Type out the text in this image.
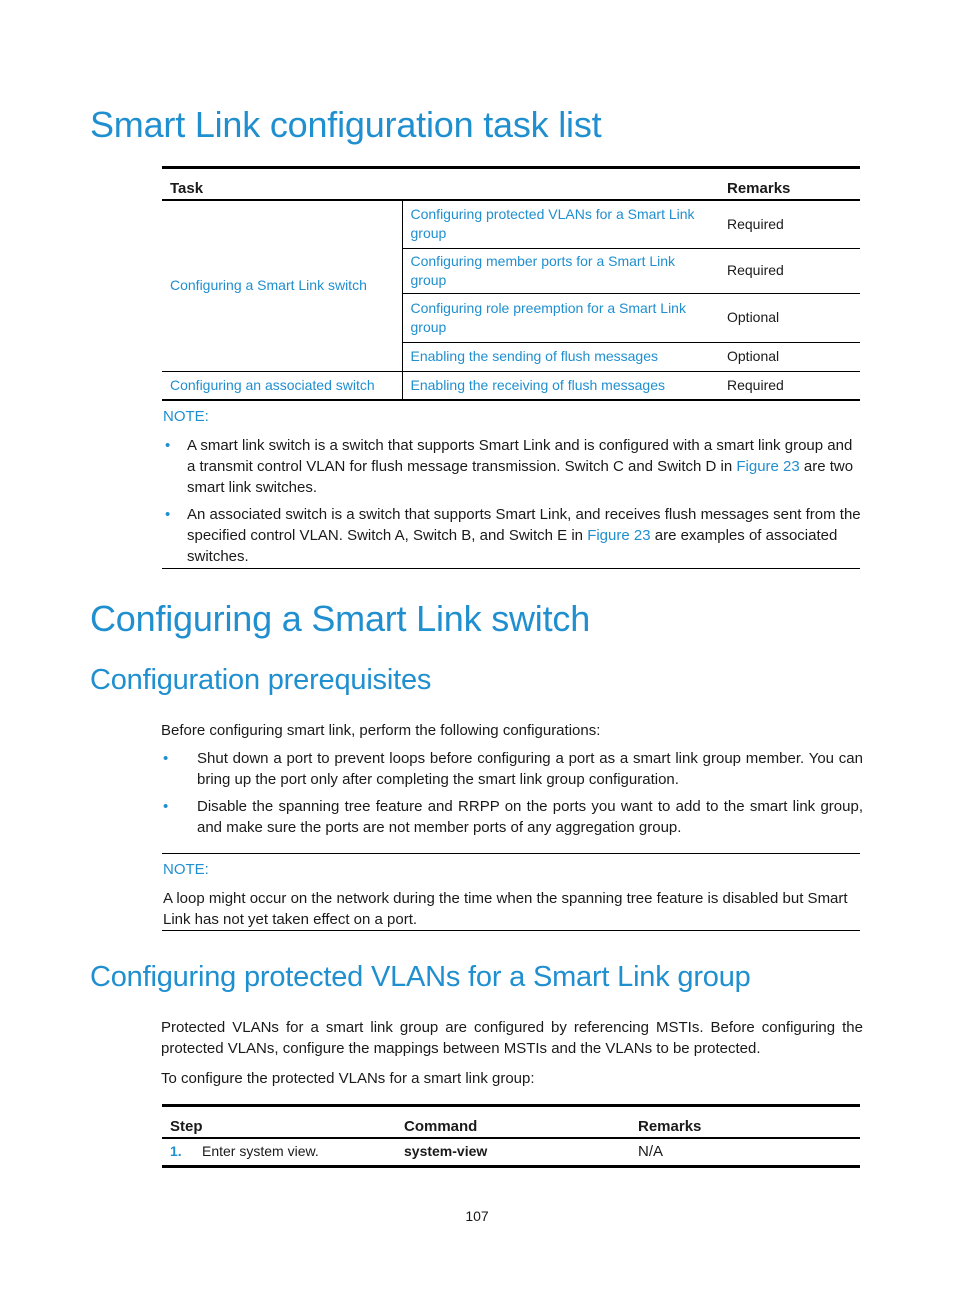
Smart Link configuration task list
Task		Remarks
Configuring a Smart Link switch	Configuring protected VLANs for a Smart Link group	Required
	Configuring member ports for a Smart Link group	Required
	Configuring role preemption for a Smart Link group	Optional
	Enabling the sending of flush messages	Optional
Configuring an associated switch	Enabling the receiving of flush messages	Required
NOTE:
• A smart link switch is a switch that supports Smart Link and is configured with a smart link group and a transmit control VLAN for flush message transmission. Switch C and Switch D in Figure 23 are two smart link switches.
• An associated switch is a switch that supports Smart Link, and receives flush messages sent from the specified control VLAN. Switch A, Switch B, and Switch E in Figure 23 are examples of associated switches.
Configuring a Smart Link switch
Configuration prerequisites
Before configuring smart link, perform the following configurations:
• Shut down a port to prevent loops before configuring a port as a smart link group member. You can bring up the port only after completing the smart link group configuration.
• Disable the spanning tree feature and RRPP on the ports you want to add to the smart link group, and make sure the ports are not member ports of any aggregation group.
NOTE:
A loop might occur on the network during the time when the spanning tree feature is disabled but Smart Link has not yet taken effect on a port.
Configuring protected VLANs for a Smart Link group
Protected VLANs for a smart link group are configured by referencing MSTIs. Before configuring the protected VLANs, configure the mappings between MSTIs and the VLANs to be protected.
To configure the protected VLANs for a smart link group:
Step	Command	Remarks
1. Enter system view.	system-view	N/A
107
